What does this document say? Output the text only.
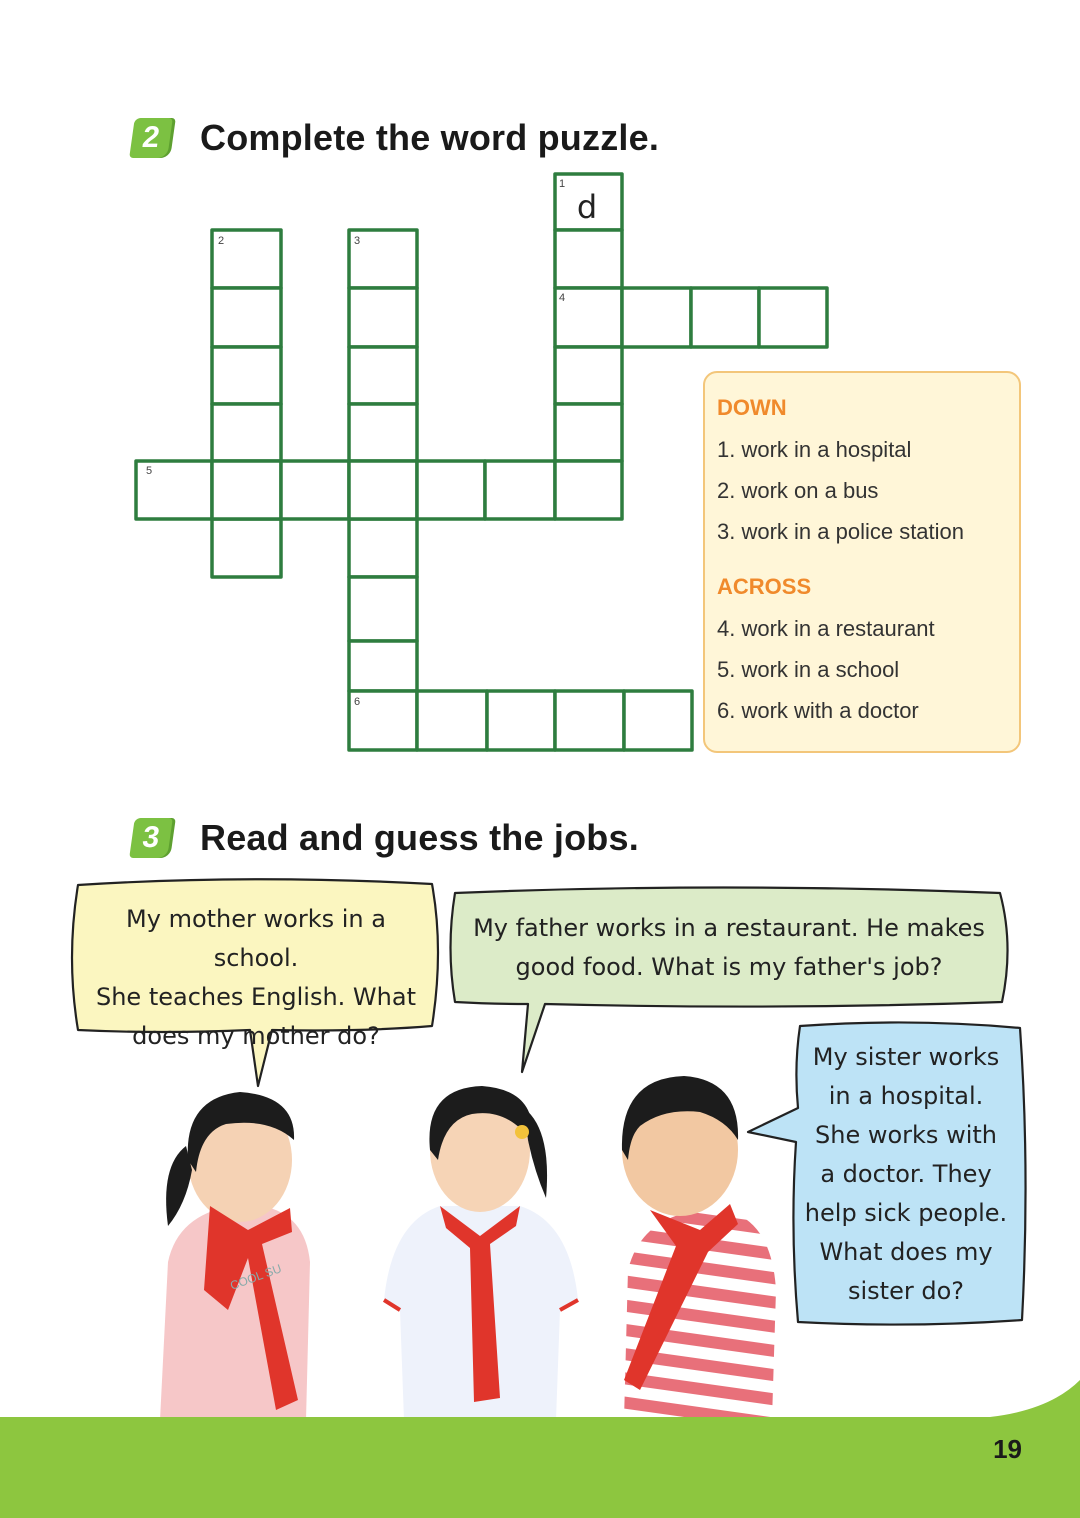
2	Complete the word puzzle.
1
2	3
4
5
6
d
DOWN
1. work in a hospital
2. work on a bus
3. work in a police station
ACROSS
4. work in a restaurant
5. work in a school
6. work with a doctor
3	Read and guess the jobs.
My mother works in a school.
She teaches English. What
does my mother do?
My father works in a restaurant. He makes
good food. What is my father's job?
My sister works
in a hospital.
She works with
a doctor. They
help sick people.
What does my
sister do?
COOL SU
19
